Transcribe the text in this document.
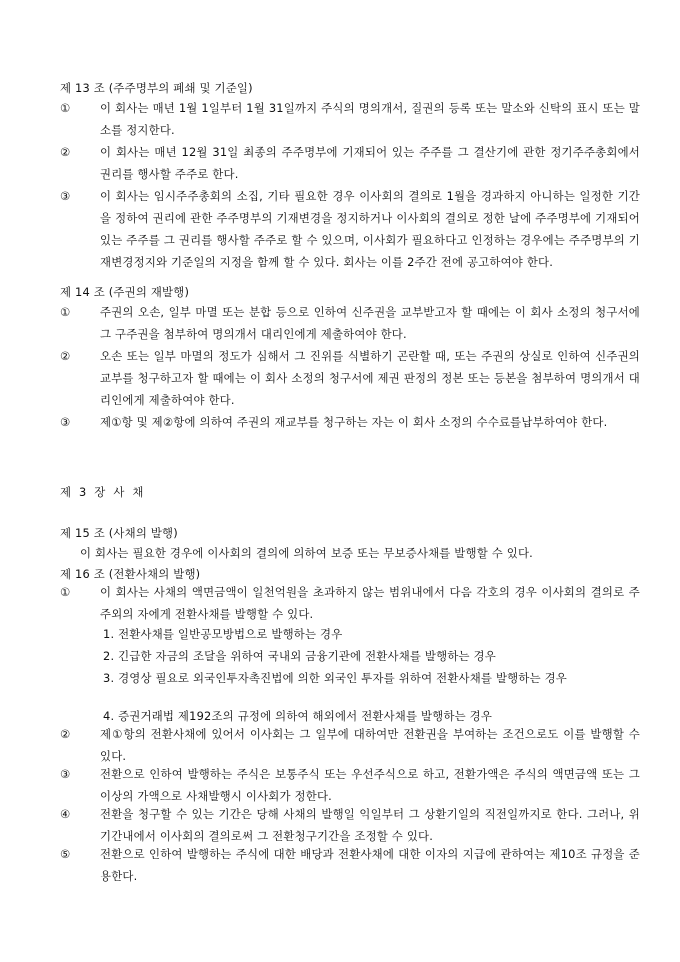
제 13 조 (주주명부의 폐쇄 및 기준일)
①	이 회사는 매년 1월 1일부터 1월 31일까지 주식의 명의개서, 질권의 등록 또는 말소와 신탁의 표시 또는 말소를 정지한다.
②	이 회사는 매년 12월 31일 최종의 주주명부에 기재되어 있는 주주를 그 결산기에 관한 정기주주총회에서 권리를 행사할 주주로 한다.
③	이 회사는 임시주주총회의 소집, 기타 필요한 경우 이사회의 결의로 1월을 경과하지 아니하는 일정한 기간을 정하여 권리에 관한 주주명부의 기재변경을 정지하거나 이사회의 결의로 정한 날에 주주명부에 기재되어 있는 주주를 그 권리를 행사할 주주로 할 수 있으며, 이사회가 필요하다고 인정하는 경우에는 주주명부의 기재변경정지와 기준일의 지정을 함께 할 수 있다. 회사는 이를 2주간 전에 공고하여야 한다.
제 14 조 (주권의 재발행)
①	주권의 오손, 일부 마멸 또는 분합 등으로 인하여 신주권을 교부받고자 할 때에는 이 회사 소정의 청구서에 그 구주권을 첨부하여 명의개서 대리인에게 제출하여야 한다.
②	오손 또는 일부 마멸의 정도가 심해서 그 진위를 식별하기 곤란할 때, 또는 주권의 상실로 인하여 신주권의 교부를 청구하고자 할 때에는 이 회사 소정의 청구서에 제권 판정의 정본 또는 등본을 첨부하여 명의개서 대리인에게 제출하여야 한다.
③	제①항 및 제②항에 의하여 주권의 재교부를 청구하는 자는 이 회사 소정의 수수료를납부하여야 한다.
제 3 장 사 채
제 15 조 (사채의 발행)
이 회사는 필요한 경우에 이사회의 결의에 의하여 보증 또는 무보증사채를 발행할 수 있다.
제 16 조 (전환사채의 발행)
①	이 회사는 사채의 액면금액이 일천억원을 초과하지 않는 범위내에서 다음 각호의 경우 이사회의 결의로 주주외의 자에게 전환사채를 발행할 수 있다.
1. 전환사채를 일반공모방법으로 발행하는 경우
2. 긴급한 자금의 조달을 위하여 국내외 금융기관에 전환사채를 발행하는 경우
3. 경영상 필요로 외국인투자촉진법에 의한 외국인 투자를 위하여 전환사채를 발행하는 경우
4. 증권거래법 제192조의 규정에 의하여 해외에서 전환사채를 발행하는 경우
②	제①항의 전환사채에 있어서 이사회는 그 일부에 대하여만 전환권을 부여하는 조건으로도 이를 발행할 수 있다.
③	전환으로 인하여 발행하는 주식은 보통주식 또는 우선주식으로 하고, 전환가액은 주식의 액면금액 또는 그 이상의 가액으로 사채발행시 이사회가 정한다.
④	전환을 청구할 수 있는 기간은 당해 사채의 발행일 익일부터 그 상환기일의 직전일까지로 한다. 그러나, 위 기간내에서 이사회의 결의로써 그 전환청구기간을 조정할 수 있다.
⑤	전환으로 인하여 발행하는 주식에 대한 배당과 전환사채에 대한 이자의 지급에 관하여는 제10조 규정을 준용한다.
